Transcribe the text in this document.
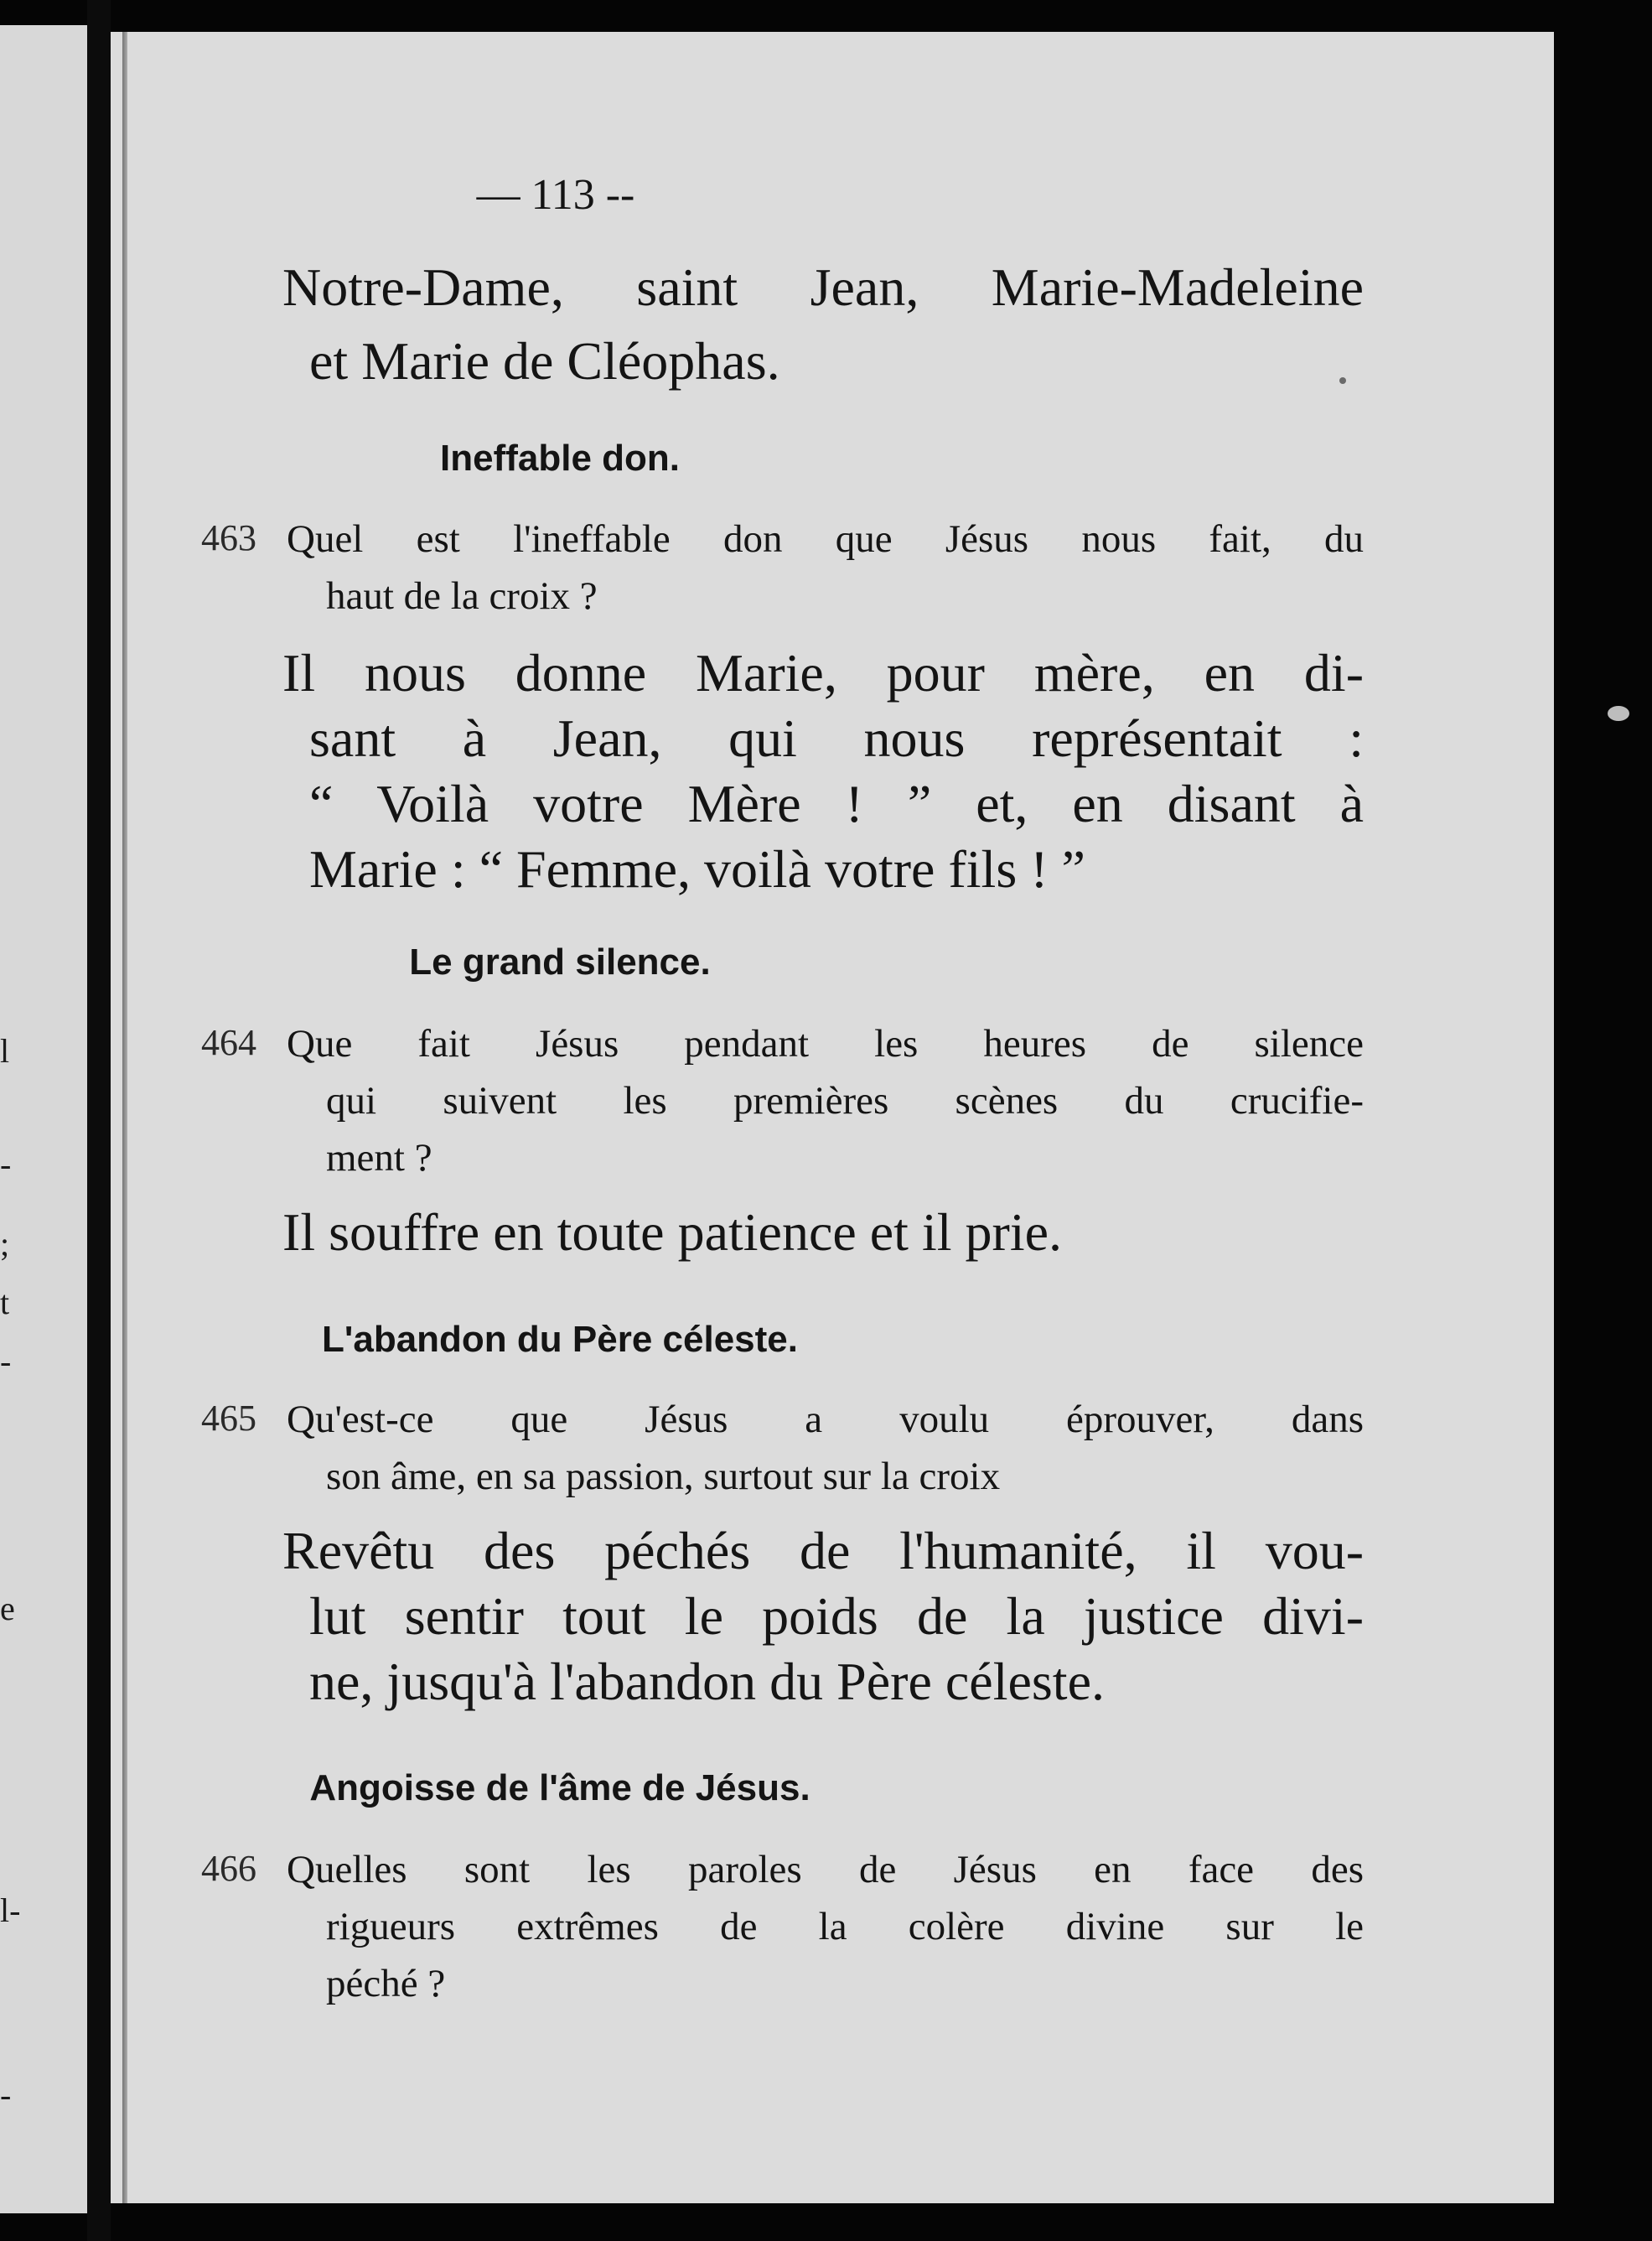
l
-
;
t
-
e
l-
-
— 113 --
Notre-Dame, saint Jean, Marie-Madeleine
et Marie de Cléophas.
Ineffable don.
463 Quel est l'ineffable don que Jésus nous fait, du
haut de la croix ?
Il nous donne Marie, pour mère, en di-
sant à Jean, qui nous représentait :
“ Voilà votre Mère ! ” et, en disant à
Marie : “ Femme, voilà votre fils ! ”
Le grand silence.
464 Que fait Jésus pendant les heures de silence
qui suivent les premières scènes du crucifie-
ment ?
Il souffre en toute patience et il prie.
L'abandon du Père céleste.
465 Qu'est-ce que Jésus a voulu éprouver, dans
son âme, en sa passion, surtout sur la croix
Revêtu des péchés de l'humanité, il vou-
lut sentir tout le poids de la justice divi-
ne, jusqu'à l'abandon du Père céleste.
Angoisse de l'âme de Jésus.
466 Quelles sont les paroles de Jésus en face des
rigueurs extrêmes de la colère divine sur le
péché ?
